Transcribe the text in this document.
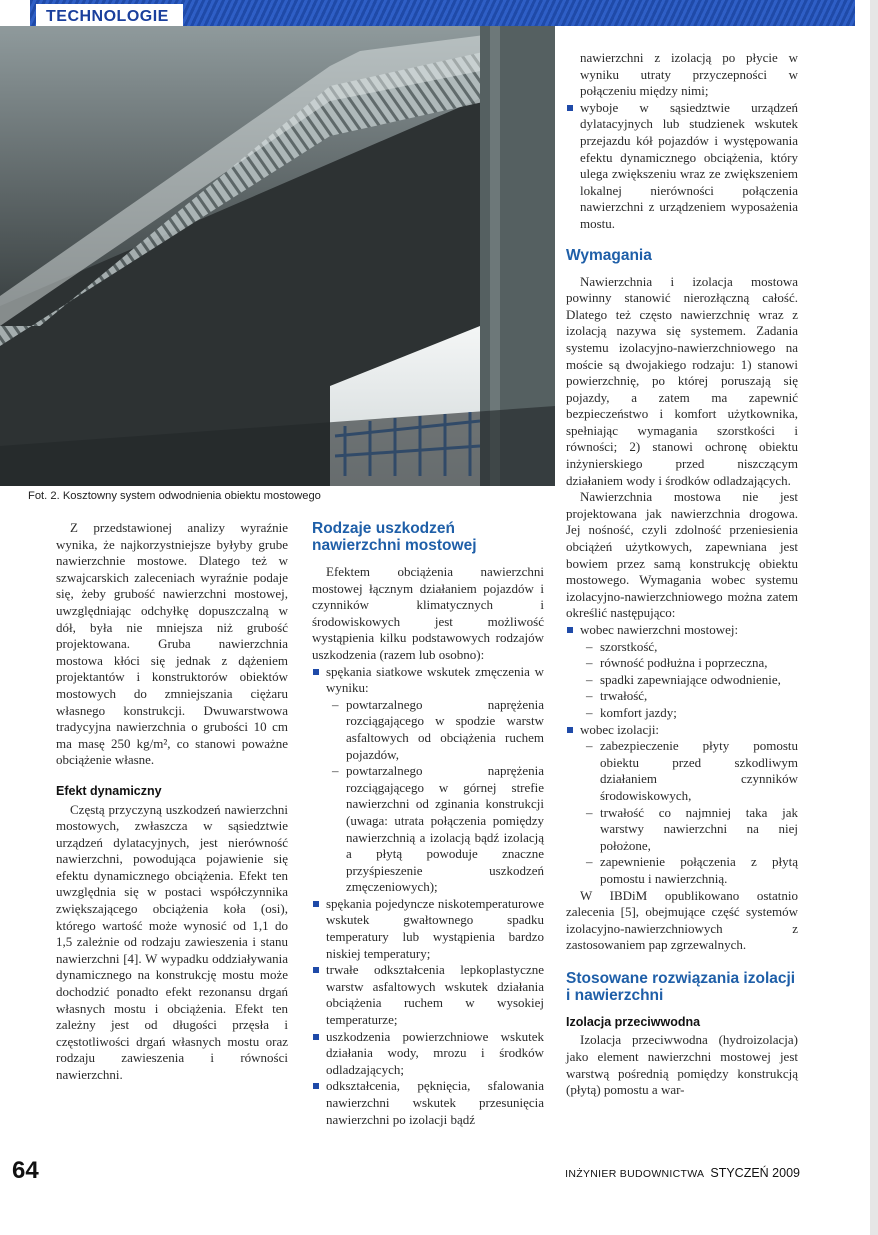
TECHNOLOGIE
Fot. 2. Kosztowny system odwodnienia obiektu mostowego

Z przedstawionej analizy wyraźnie wynika, że najkorzystniejsze byłyby grube nawierzchnie mostowe. Dlatego też w szwajcarskich zaleceniach wyraźnie podaje się, żeby grubość nawierzchni mostowej, uwzględniając odchyłkę dopuszczalną w dół, była nie mniejsza niż grubość projektowana. Gruba nawierzchnia mostowa kłóci się jednak z dążeniem projektantów i konstruktorów obiektów mostowych do zmniejszania ciężaru własnego konstrukcji. Dwuwarstwowa tradycyjna nawierzchnia o grubości 10 cm ma masę 250 kg/m², co stanowi poważne obciążenie własne.

Efekt dynamiczny

Częstą przyczyną uszkodzeń nawierzchni mostowych, zwłaszcza w sąsiedztwie urządzeń dylatacyjnych, jest nierówność nawierzchni, powodująca pojawienie się efektu dynamicznego obciążenia. Efekt ten uwzględnia się w postaci współczynnika zwiększającego obciążenia koła (osi), którego wartość może wynosić od 1,1 do 1,5 zależnie od rodzaju zawieszenia i stanu nawierzchni [4]. W wypadku oddziaływania dynamicznego na konstrukcję mostu może dochodzić ponadto efekt rezonansu drgań własnych mostu i obciążenia. Efekt ten zależny jest od długości przęsła i częstotliwości drgań własnych mostu oraz rodzaju zawieszenia i równości nawierzchni.

Rodzaje uszkodzeń nawierzchni mostowej

Efektem obciążenia nawierzchni mostowej łącznym działaniem pojazdów i czynników klimatycznych i środowiskowych jest możliwość wystąpienia kilku podstawowych rodzajów uszkodzenia (razem lub osobno):

spękania siatkowe wskutek zmęczenia w wyniku:
– powtarzalnego naprężenia rozciągającego w spodzie warstw asfaltowych od obciążenia ruchem pojazdów,
– powtarzalnego naprężenia rozciągającego w górnej strefie nawierzchni od zginania konstrukcji (uwaga: utrata połączenia pomiędzy nawierzchnią a izolacją bądź izolacją a płytą powoduje znaczne przyśpieszenie uszkodzeń zmęczeniowych);
spękania pojedyncze niskotemperaturowe wskutek gwałtownego spadku temperatury lub wystąpienia bardzo niskiej temperatury;
trwałe odkształcenia lepkoplastyczne warstw asfaltowych wskutek działania obciążenia ruchem w wysokiej temperaturze;
uszkodzenia powierzchniowe wskutek działania wody, mrozu i środków odladzających;
odkształcenia, pęknięcia, sfalowania nawierzchni wskutek przesunięcia nawierzchni po izolacji bądź
nawierzchni z izolacją po płycie w wyniku utraty przyczepności w połączeniu między nimi;
wyboje w sąsiedztwie urządzeń dylatacyjnych lub studzienek wskutek przejazdu kół pojazdów i występowania efektu dynamicznego obciążenia, który ulega zwiększeniu wraz ze zwiększeniem lokalnej nierówności połączenia nawierzchni z urządzeniem wyposażenia mostu.
Wymagania

Nawierzchnia i izolacja mostowa powinny stanowić nierozłączną całość. Dlatego też często nawierzchnię wraz z izolacją nazywa się systemem. Zadania systemu izolacyjno-nawierzchniowego na moście są dwojakiego rodzaju: 1) stanowi powierzchnię, po której poruszają się pojazdy, a zatem ma zapewnić bezpieczeństwo i komfort użytkownika, spełniając wymagania szorstkości i równości; 2) stanowi ochronę obiektu inżynierskiego przed niszczącym działaniem wody i środków odladzających.

Nawierzchnia mostowa nie jest projektowana jak nawierzchnia drogowa. Jej nośność, czyli zdolność przeniesienia obciążeń użytkowych, zapewniana jest bowiem przez samą konstrukcję obiektu mostowego. Wymagania wobec systemu izolacyjno-nawierzchniowego można zatem określić następująco:

wobec nawierzchni mostowej:
– szorstkość,
– równość podłużna i poprzeczna,
– spadki zapewniające odwodnienie,
– trwałość,
– komfort jazdy;
wobec izolacji:
– zabezpieczenie płyty pomostu obiektu przed szkodliwym działaniem czynników środowiskowych,
– trwałość co najmniej taka jak warstwy nawierzchni na niej położone,
– zapewnienie połączenia z płytą pomostu i nawierzchnią.

W IBDiM opublikowano ostatnio zalecenia [5], obejmujące część systemów izolacyjno-nawierzchniowych z zastosowaniem pap zgrzewalnych.

Stosowane rozwiązania izolacji i nawierzchni
Izolacja przeciwwodna

Izolacja przeciwwodna (hydroizolacja) jako element nawierzchni mostowej jest warstwą pośrednią pomiędzy konstrukcją (płytą) pomostu a war-

64	INŻYNIER BUDOWNICTWA STYCZEŃ 2009
